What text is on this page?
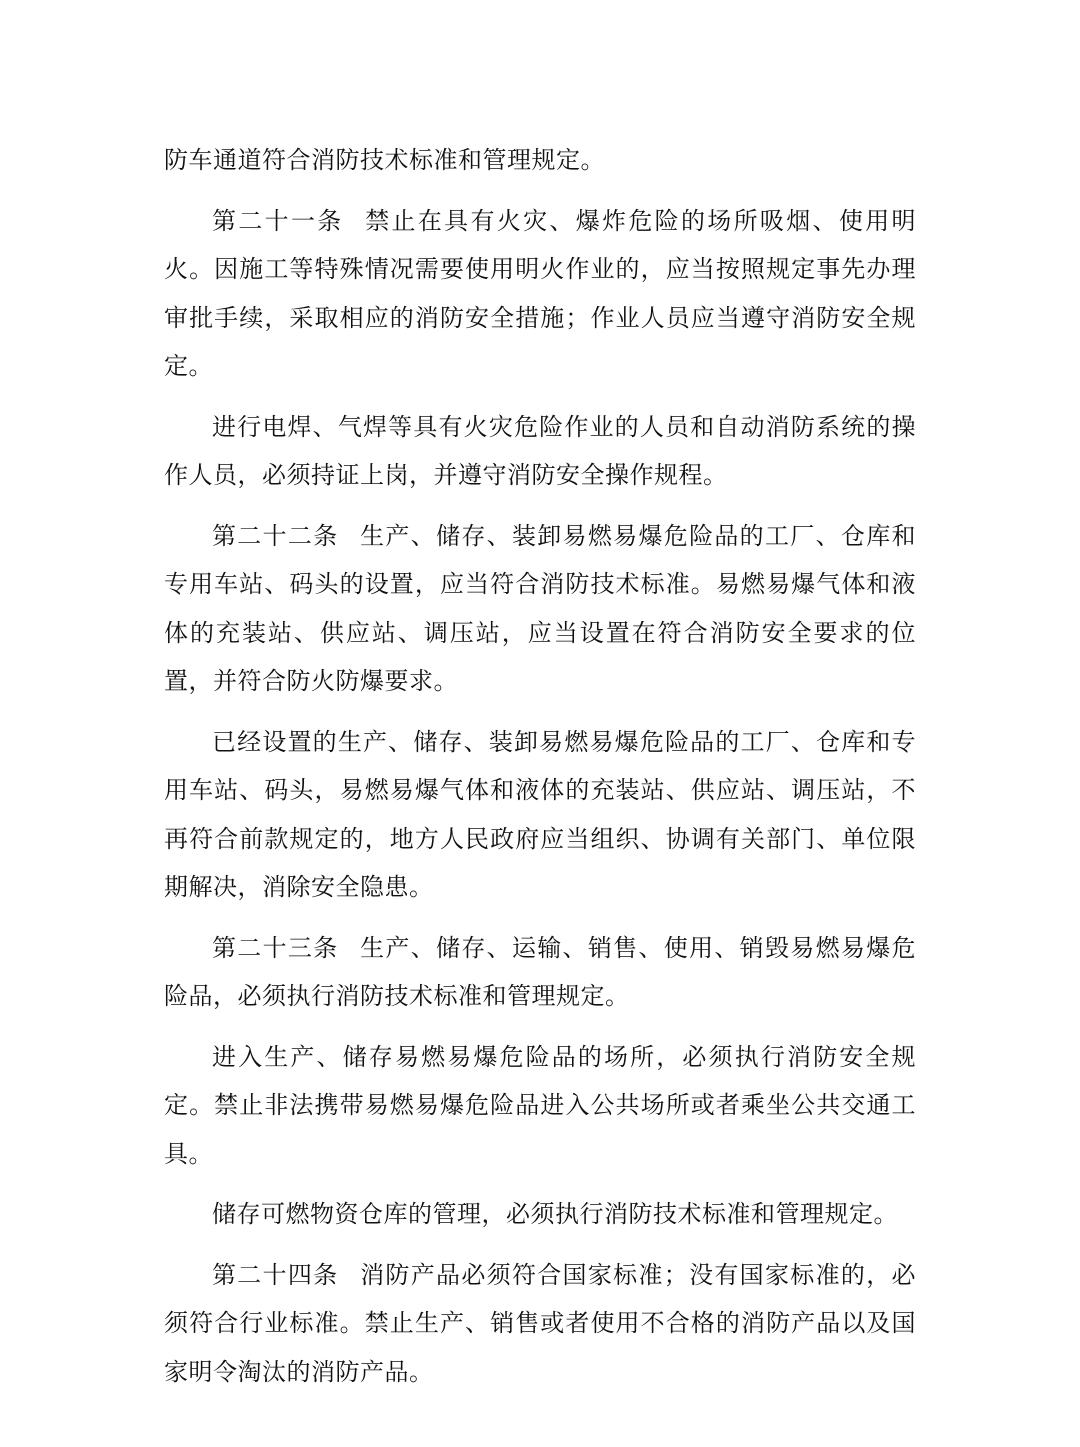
防车通道符合消防技术标准和管理规定。

第二十一条 禁止在具有火灾、爆炸危险的场所吸烟、使用明火。因施工等特殊情况需要使用明火作业的，应当按照规定事先办理审批手续，采取相应的消防安全措施；作业人员应当遵守消防安全规定。

进行电焊、气焊等具有火灾危险作业的人员和自动消防系统的操作人员，必须持证上岗，并遵守消防安全操作规程。

第二十二条 生产、储存、装卸易燃易爆危险品的工厂、仓库和专用车站、码头的设置，应当符合消防技术标准。易燃易爆气体和液体的充装站、供应站、调压站，应当设置在符合消防安全要求的位置，并符合防火防爆要求。

已经设置的生产、储存、装卸易燃易爆危险品的工厂、仓库和专用车站、码头，易燃易爆气体和液体的充装站、供应站、调压站，不再符合前款规定的，地方人民政府应当组织、协调有关部门、单位限期解决，消除安全隐患。

第二十三条 生产、储存、运输、销售、使用、销毁易燃易爆危险品，必须执行消防技术标准和管理规定。

进入生产、储存易燃易爆危险品的场所，必须执行消防安全规定。禁止非法携带易燃易爆危险品进入公共场所或者乘坐公共交通工具。

储存可燃物资仓库的管理，必须执行消防技术标准和管理规定。

第二十四条 消防产品必须符合国家标准；没有国家标准的，必须符合行业标准。禁止生产、销售或者使用不合格的消防产品以及国家明令淘汰的消防产品。
